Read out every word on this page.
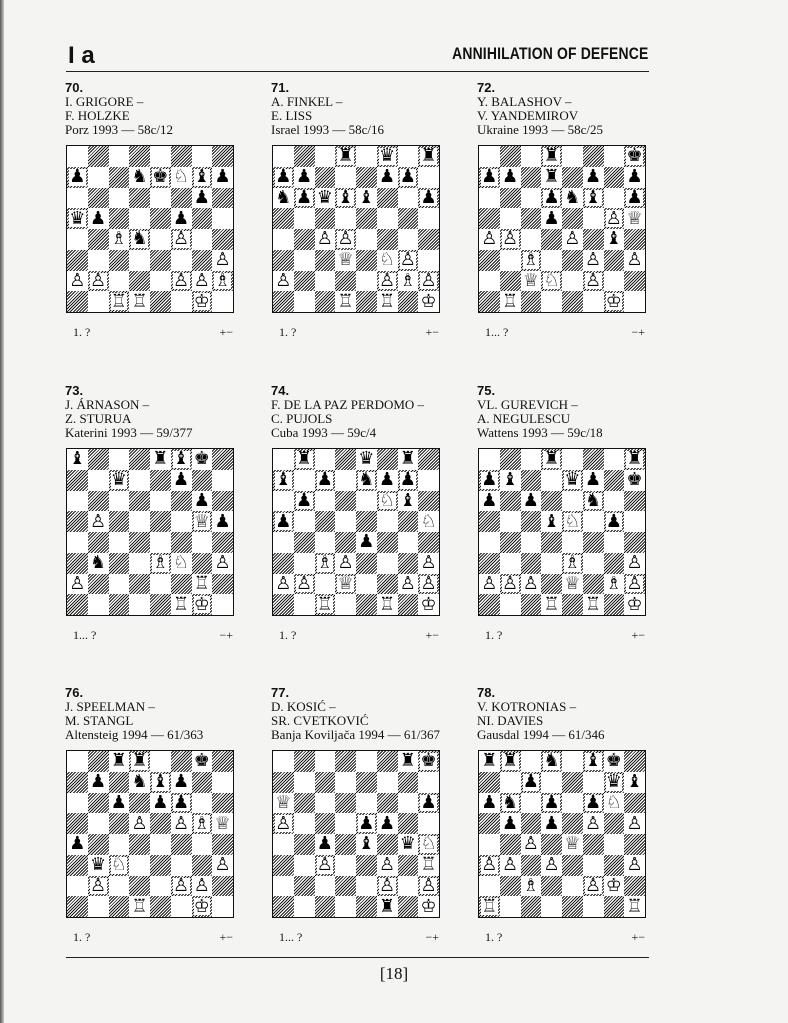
I a	ANNIHILATION OF DEFENCE
70.
I. GRIGORE –
F. HOLZKE
Porz 1993 — 58c/12
♟	♞ ♚ ♘ ♝ ♟
♟
♛ ♟	♟
♗ ♞ ♙
♙
♙ ♙	♙ ♙ ♗
♖ ♖	♔
1. ?	+−
71.
A. FINKEL –
E. LISS
Israel 1993 — 58c/16
♜ ♛ ♜
♟ ♟	♟ ♟
♞ ♟ ♛ ♝ ♝	♟
♙ ♙
♕ ♘ ♙
♙	♙ ♗ ♙
♖ ♖ ♔
1. ?	+−
72.
Y. BALASHOV –
V. YANDEMIROV
Ukraine 1993 — 58c/25
♜	♚
♟ ♟ ♜ ♟ ♟
♟ ♞ ♝ ♟
♟	♙ ♕
♙ ♙	♙ ♝
♗	♙ ♙
♕ ♘ ♙
♖	♔
1... ?	−+
73.
J. ÁRNASON –
Z. STURUA
Katerini 1993 — 59/377
♝	♜ ♝ ♚
♛	♟
♟
♙	♕ ♟
♞	♗ ♘ ♙
♙	♖
♖ ♔
1... ?	−+
74.
F. DE LA PAZ PERDOMO –
C. PUJOLS
Cuba 1993 — 59c/4
♜	♛ ♜
♝ ♟ ♞ ♟ ♟
♟	♘ ♝
♟	♘
♟
♗ ♙	♙
♙ ♙ ♕	♙ ♙
♖	♖ ♔
1. ?	+−
75.
VL. GUREVICH –
A. NEGULESCU
Wattens 1993 — 59c/18
♜	♜
♟ ♝	♛ ♟ ♚
♟ ♟	♞
♝ ♘ ♟
♗	♙
♙ ♙ ♙ ♕ ♗ ♙
♖ ♖ ♔
1. ?	+−
76.
J. SPEELMAN –
M. STANGL
Altensteig 1994 — 61/363
♜ ♜	♚
♟ ♞ ♝ ♟
♟ ♟ ♟
♙ ♙ ♗ ♕
♟
♛ ♘	♙
♙	♙ ♙
♖	♔
1. ?	+−
77.
D. KOSIĆ –
SR. CVETKOVIĆ
Banja Koviljača 1994 — 61/367
♜ ♚
♕	♟
♙	♟ ♟
♟ ♝ ♛ ♘
♙	♙ ♖
♙ ♙
♜ ♔
1... ?	−+
78.
V. KOTRONIAS –
NI. DAVIES
Gausdal 1994 — 61/346
♜ ♜ ♞ ♝ ♚
♟	♛ ♝
♟ ♞ ♟ ♟ ♘
♟ ♟ ♙ ♙
♙ ♕
♙ ♙ ♙	♙
♗	♙ ♔
♖	♖
1. ?	+−
[18]
